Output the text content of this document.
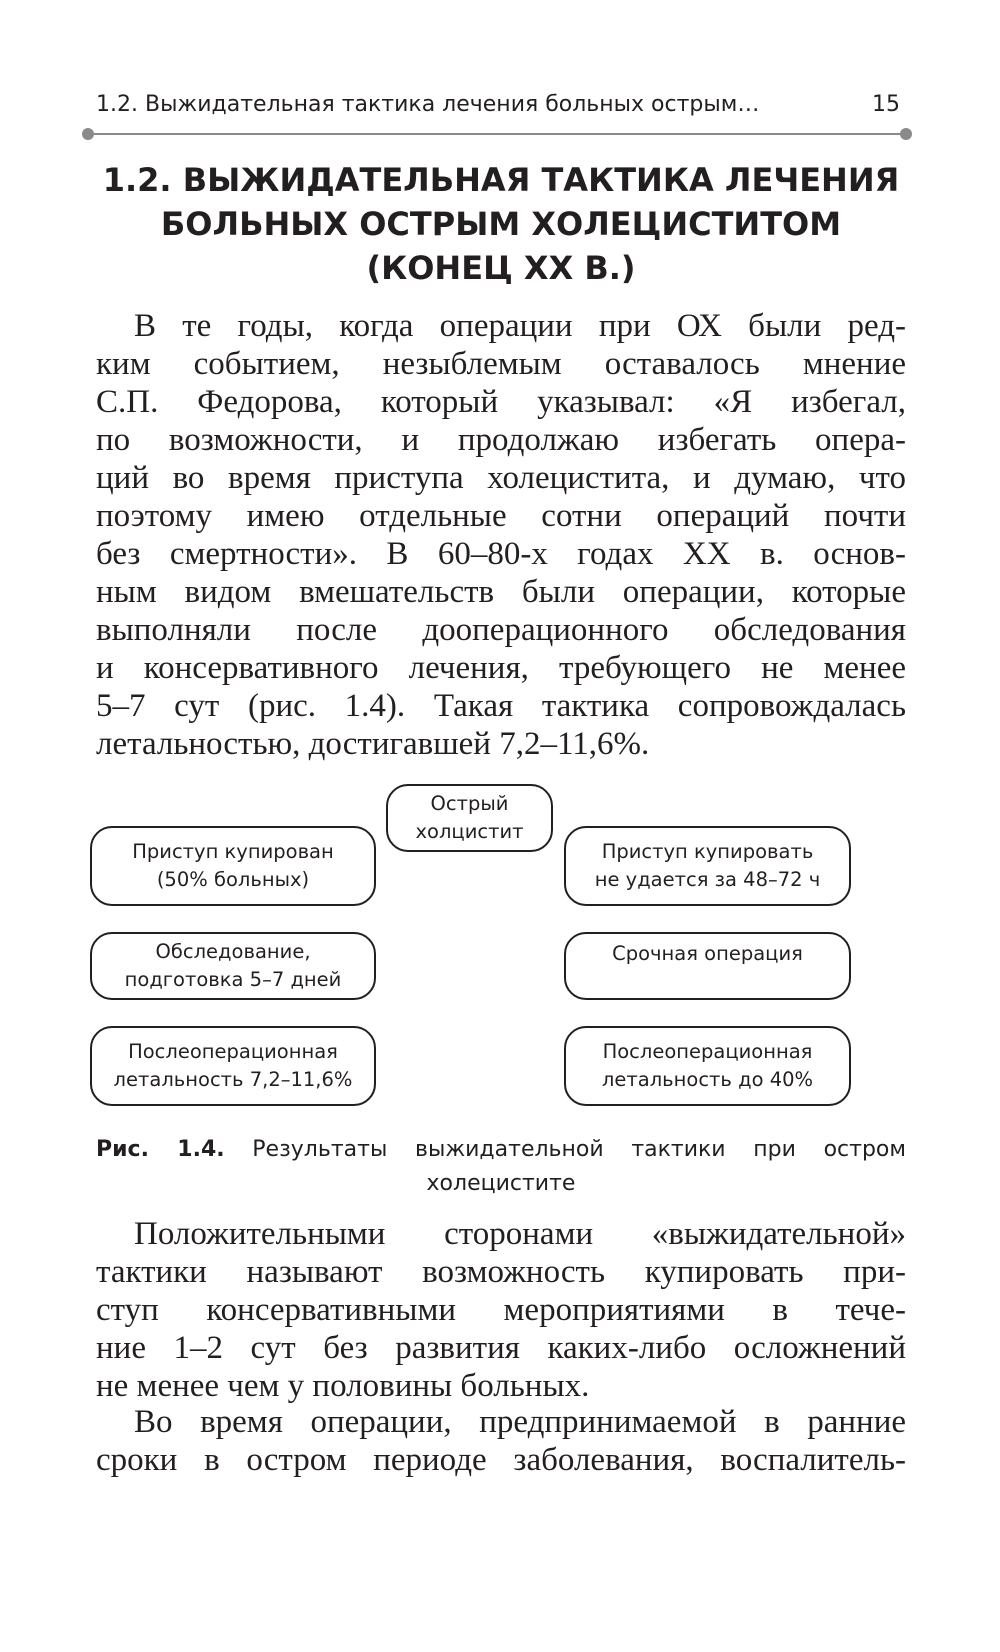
1.2. Выжидательная тактика лечения больных острым…	15
1.2. ВЫЖИДАТЕЛЬНАЯ ТАКТИКА ЛЕЧЕНИЯ
БОЛЬНЫХ ОСТРЫМ ХОЛЕЦИСТИТОМ
(КОНЕЦ XX В.)
В те годы, когда операции при ОХ были ред-
ким событием, незыблемым оставалось мнение
С.П. Федорова, который указывал: «Я избегал,
по возможности, и продолжаю избегать опера-
ций во время приступа холецистита, и думаю, что
поэтому имею отдельные сотни операций почти
без смертности». В 60–80-х годах XX в. основ-
ным видом вмешательств были операции, которые
выполняли после дооперационного обследования
и консервативного лечения, требующего не менее
5–7 сут (рис. 1.4). Такая тактика сопровождалась
летальностью, достигавшей 7,2–11,6%.
Острый
холцистит
Приступ купирован
(50% больных)
Обследование,
подготовка 5–7 дней
Послеоперационная
летальность 7,2–11,6%
Приступ купировать
не удается за 48–72 ч
Срочная операция
Послеоперационная
летальность до 40%
Рис. 1.4. Результаты выжидательной тактики при остром
холецистите
Положительными сторонами «выжидательной»
тактики называют возможность купировать при-
ступ консервативными мероприятиями в тече-
ние 1–2 сут без развития каких-либо осложнений
не менее чем у половины больных.
Во время операции, предпринимаемой в ранние
сроки в остром периоде заболевания, воспалитель-
